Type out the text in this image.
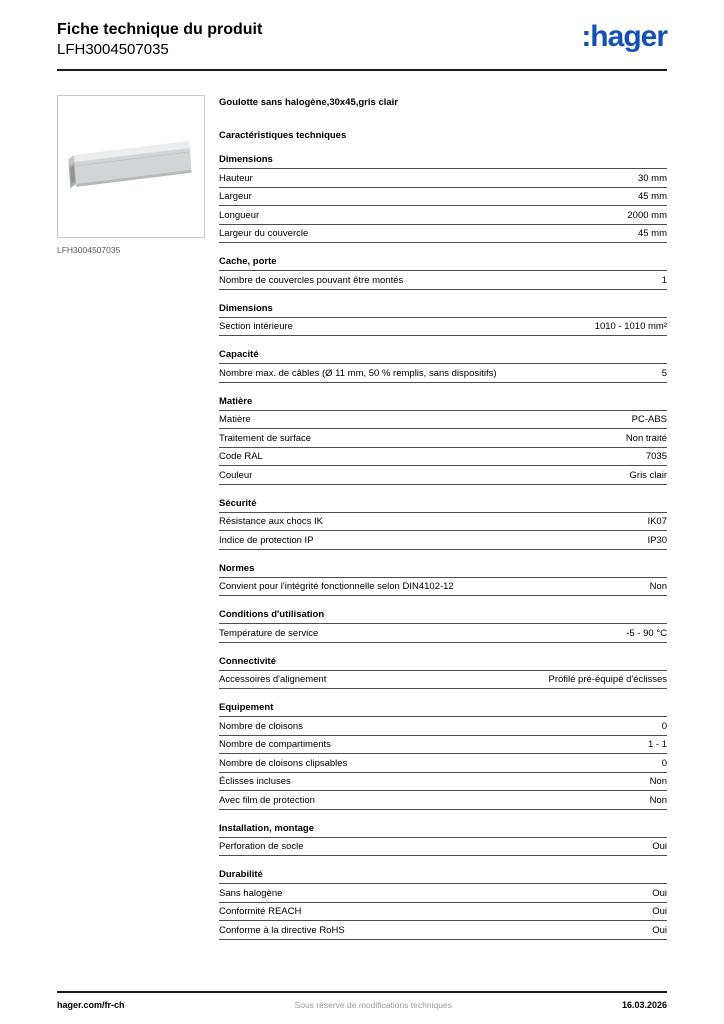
Fiche technique du produit
LFH3004507035	:hager
LFH3004507035
Goulotte sans halogène,30x45,gris clair
Caractéristiques techniques
Dimensions
Hauteur	30 mm
Largeur	45 mm
Longueur	2000 mm
Largeur du couvercle	45 mm
Cache, porte
Nombre de couvercles pouvant être montés	1
Dimensions
Section intérieure	1010 - 1010 mm²
Capacité
Nombre max. de câbles (Ø 11 mm, 50 % remplis, sans dispositifs)	5
Matière
Matière	PC-ABS
Traitement de surface	Non traité
Code RAL	7035
Couleur	Gris clair
Sécurité
Résistance aux chocs IK	IK07
Indice de protection IP	IP30
Normes
Convient pour l'intégrité fonctionnelle selon DIN4102-12	Non
Conditions d'utilisation
Température de service	-5 - 90 °C
Connectivité
Accessoires d'alignement	Profilé pré-équipé d'éclisses
Equipement
Nombre de cloisons	0
Nombre de compartiments	1 - 1
Nombre de cloisons clipsables	0
Éclisses incluses	Non
Avec film de protection	Non
Installation, montage
Perforation de socle	Oui
Durabilité
Sans halogène	Oui
Conformité REACH	Oui
Conforme à la directive RoHS	Oui
hager.com/fr-ch	Sous réserve de modifications techniques	16.03.2026
